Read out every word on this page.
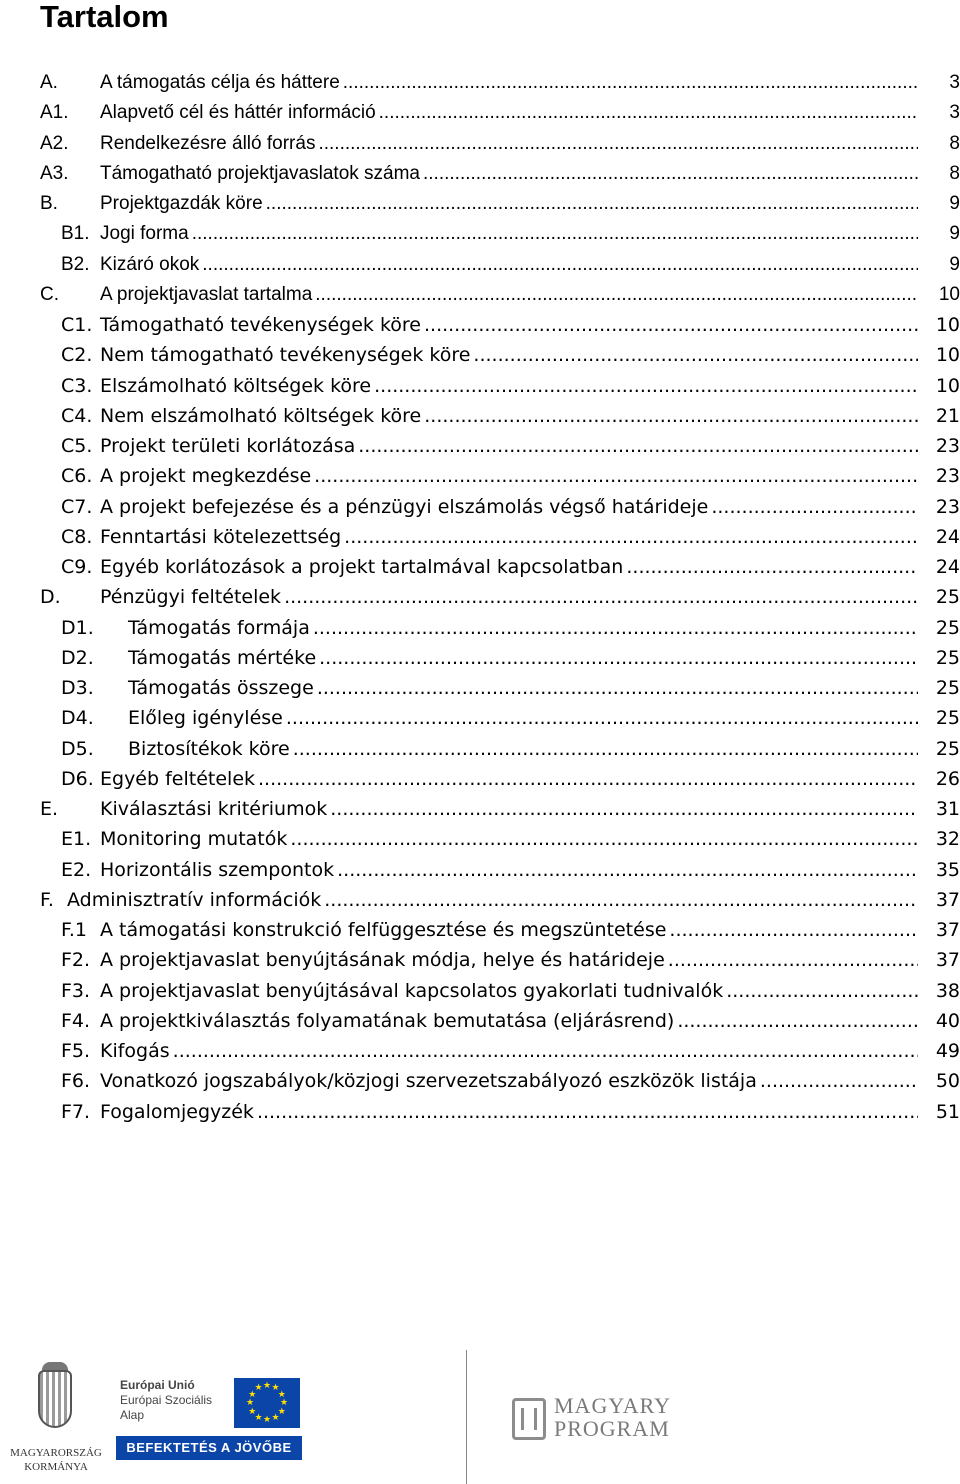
Tartalom
A.	A támogatás célja és háttere .....	3
A1.	Alapvető cél és háttér információ .....	3
A2.	Rendelkezésre álló forrás .....	8
A3.	Támogatható projektjavaslatok száma .....	8
B.	Projektgazdák köre .....	9
B1. Jogi forma .....	9
B2. Kizáró okok .....	9
C.	A projektjavaslat tartalma .....	10
C1. Támogatható tevékenységek köre .....	10
C2. Nem támogatható tevékenységek köre .....	10
C3. Elszámolható költségek köre .....	10
C4. Nem elszámolható költségek köre .....	21
C5. Projekt területi korlátozása .....	23
C6. A projekt megkezdése .....	23
C7. A projekt befejezése és a pénzügyi elszámolás végső határideje .....	23
C8. Fenntartási kötelezettség .....	24
C9. Egyéb korlátozások a projekt tartalmával kapcsolatban .....	24
D.	Pénzügyi feltételek .....	25
D1.	Támogatás formája .....	25
D2.	Támogatás mértéke .....	25
D3.	Támogatás összege .....	25
D4.	Előleg igénylése .....	25
D5.	Biztosítékok köre .....	25
D6. Egyéb feltételek .....	26
E.	Kiválasztási kritériumok .....	31
E1. Monitoring mutatók .....	32
E2. Horizontális szempontok .....	35
F. Adminisztratív információk .....	37
F.1 A támogatási konstrukció felfüggesztése és megszüntetése .....	37
F2. A projektjavaslat benyújtásának módja, helye és határideje .....	37
F3. A projektjavaslat benyújtásával kapcsolatos gyakorlati tudnivalók .....	38
F4. A projektkiválasztás folyamatának bemutatása (eljárásrend) .....	40
F5. Kifogás .....	49
F6. Vonatkozó jogszabályok/közjogi szervezetszabályozó eszközök listája .....	50
F7. Fogalomjegyzék .....	51
MAGYARORSZÁG
KORMÁNYA
Európai Unió
Európai Szociális
Alap
★ ★
★
★
★
★
★
★
★
★
★
★
BEFEKTETÉS A JÖVŐBE
MAGYARY
PROGRAM
